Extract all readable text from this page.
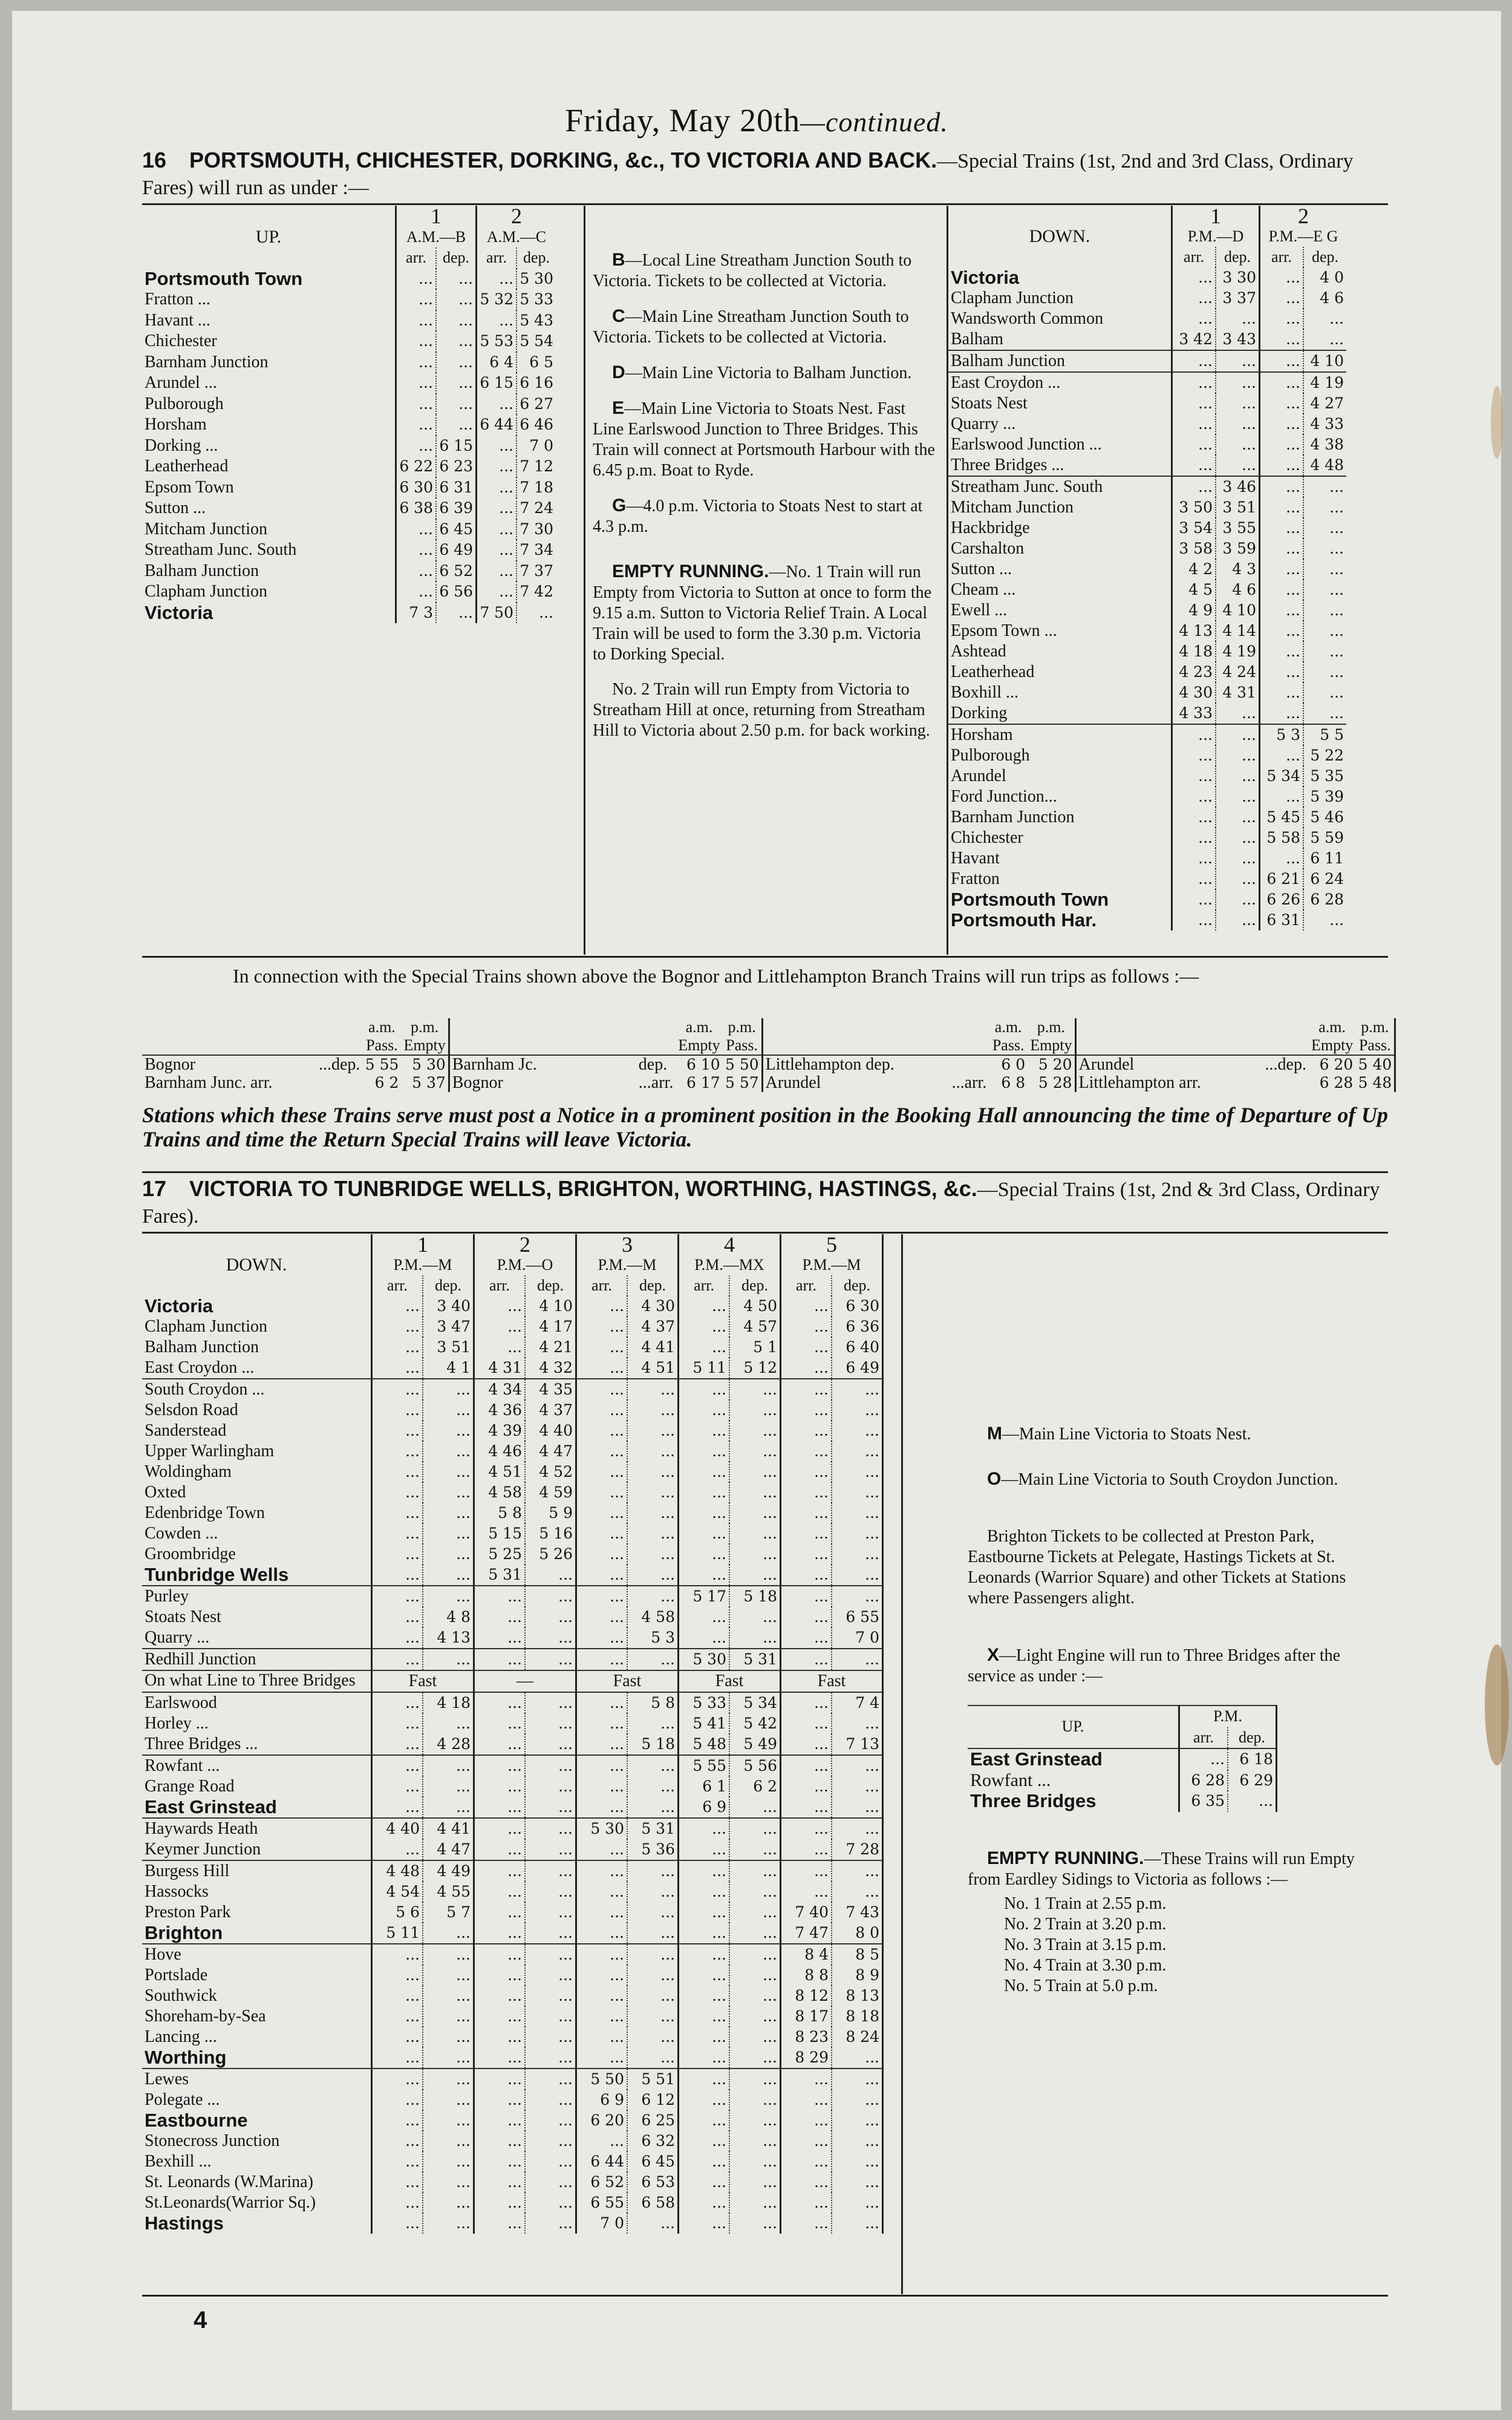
Friday, May 20th—continued.
16 PORTSMOUTH, CHICHESTER, DORKING, &c., TO VICTORIA AND BACK.—Special Trains (1st, 2nd and 3rd Class, Ordinary Fares) will run as under :—
	1		2	
UP.	A.M.—B		A.M.—C	
	arr.	dep.	arr.	dep.
Portsmouth Town	...	...	...	5 30
Fratton ...	...	...	5 32	5 33
Havant ...	...	...	...	5 43
Chichester	...	...	5 53	5 54
Barnham Junction	...	...	6 4	6 5
Arundel ...	...	...	6 15	6 16
Pulborough	...	...	...	6 27
Horsham	...	...	6 44	6 46
Dorking ...	...	6 15	...	7 0
Leatherhead	6 22	6 23	...	7 12
Epsom Town	6 30	6 31	...	7 18
Sutton ...	6 38	6 39	...	7 24
Mitcham Junction	...	6 45	...	7 30
Streatham Junc. South	...	6 49	...	7 34
Balham Junction	...	6 52	...	7 37
Clapham Junction	...	6 56	...	7 42
Victoria	7 3	...	7 50	...

B—Local Line Streatham Junction South to Victoria. Tickets to be collected at Victoria.

C—Main Line Streatham Junction South to Victoria. Tickets to be collected at Victoria.

D—Main Line Victoria to Balham Junction.

E—Main Line Victoria to Stoats Nest. Fast Line Earlswood Junction to Three Bridges. This Train will connect at Portsmouth Harbour with the 6.45 p.m. Boat to Ryde.

G—4.0 p.m. Victoria to Stoats Nest to start at 4.3 p.m.

EMPTY RUNNING.—No. 1 Train will run Empty from Victoria to Sutton at once to form the 9.15 a.m. Sutton to Victoria Relief Train. A Local Train will be used to form the 3.30 p.m. Victoria to Dorking Special.

No. 2 Train will run Empty from Victoria to Streatham Hill at once, returning from Streatham Hill to Victoria about 2.50 p.m. for back working.

	1		2	
DOWN.	P.M.—D		P.M.—E G	
	arr.	dep.	arr.	dep.
Victoria	...	3 30	...	4 0
Clapham Junction	...	3 37	...	4 6
Wandsworth Common	...	...	...	...
Balham	3 42	3 43	...	...
Balham Junction	...	...	...	4 10
East Croydon ...	...	...	...	4 19
Stoats Nest	...	...	...	4 27
Quarry ...	...	...	...	4 33
Earlswood Junction ...	...	...	...	4 38
Three Bridges ...	...	...	...	4 48
Streatham Junc. South	...	3 46	...	...
Mitcham Junction	3 50	3 51	...	...
Hackbridge	3 54	3 55	...	...
Carshalton	3 58	3 59	...	...
Sutton ...	4 2	4 3	...	...
Cheam ...	4 5	4 6	...	...
Ewell ...	4 9	4 10	...	...
Epsom Town ...	4 13	4 14	...	...
Ashtead	4 18	4 19	...	...
Leatherhead	4 23	4 24	...	...
Boxhill ...	4 30	4 31	...	...
Dorking	4 33	...	...	...
Horsham	...	...	5 3	5 5
Pulborough	...	...	...	5 22
Arundel	...	...	5 34	5 35
Ford Junction...	...	...	...	5 39
Barnham Junction	...	...	5 45	5 46
Chichester	...	...	5 58	5 59
Havant	...	...	...	6 11
Fratton	...	...	6 21	6 24
Portsmouth Town	...	...	6 26	6 28
Portsmouth Har.	...	...	6 31	...
In connection with the Special Trains shown above the Bognor and Littlehampton Branch Trains will run trips as follows :—
		a.m.	p.m.			a.m.	p.m.			a.m.	p.m.			a.m.	p.m.
		Pass.	Empty			Empty	Pass.			Pass.	Empty			Empty	Pass.
Bognor	...dep.	5 55	5 30	Barnham Jc.	dep.	6 10	5 50	Littlehampton dep.		6 0	5 20	Arundel	...dep.	6 20	5 40
Barnham Junc. arr.		6 2	5 37	Bognor	...arr.	6 17	5 57	Arundel	...arr.	6 8	5 28	Littlehampton arr.		6 28	5 48
Stations which these Trains serve must post a Notice in a prominent position in the Booking Hall announcing the time of Departure of Up Trains and time the Return Special Trains will leave Victoria.
17 VICTORIA TO TUNBRIDGE WELLS, BRIGHTON, WORTHING, HASTINGS, &c.—Special Trains (1st, 2nd & 3rd Class, Ordinary Fares).
	1		2		3		4		5	
DOWN.	P.M.—M		P.M.—O		P.M.—M		P.M.—MX		P.M.—M	
	arr.	dep.	arr.	dep.	arr.	dep.	arr.	dep.	arr.	dep.
Victoria	...	3 40	...	4 10	...	4 30	...	4 50	...	6 30
Clapham Junction	...	3 47	...	4 17	...	4 37	...	4 57	...	6 36
Balham Junction	...	3 51	...	4 21	...	4 41	...	5 1	...	6 40
East Croydon ...	...	4 1	4 31	4 32	...	4 51	5 11	5 12	...	6 49
South Croydon ...	...	...	4 34	4 35	...	...	...	...	...	...
Selsdon Road	...	...	4 36	4 37	...	...	...	...	...	...
Sanderstead	...	...	4 39	4 40	...	...	...	...	...	...
Upper Warlingham	...	...	4 46	4 47	...	...	...	...	...	...
Woldingham	...	...	4 51	4 52	...	...	...	...	...	...
Oxted	...	...	4 58	4 59	...	...	...	...	...	...
Edenbridge Town	...	...	5 8	5 9	...	...	...	...	...	...
Cowden ...	...	...	5 15	5 16	...	...	...	...	...	...
Groombridge	...	...	5 25	5 26	...	...	...	...	...	...
Tunbridge Wells	...	...	5 31	...	...	...	...	...	...	...
Purley	...	...	...	...	...	...	5 17	5 18	...	...
Stoats Nest	...	4 8	...	...	...	4 58	...	...	...	6 55
Quarry ...	...	4 13	...	...	...	5 3	...	...	...	7 0
Redhill Junction	...	...	...	...	...	...	5 30	5 31	...	...
On what Line to Three Bridges	Fast		—		Fast		Fast		Fast	
Earlswood	...	4 18	...	...	...	5 8	5 33	5 34	...	7 4
Horley ...	...	...	...	...	...	...	5 41	5 42	...	...
Three Bridges ...	...	4 28	...	...	...	5 18	5 48	5 49	...	7 13
Rowfant ...	...	...	...	...	...	...	5 55	5 56	...	...
Grange Road	...	...	...	...	...	...	6 1	6 2	...	...
East Grinstead	...	...	...	...	...	...	6 9	...	...	...
Haywards Heath	4 40	4 41	...	...	5 30	5 31	...	...	...	...
Keymer Junction	...	4 47	...	...	...	5 36	...	...	...	7 28
Burgess Hill	4 48	4 49	...	...	...	...	...	...	...	...
Hassocks	4 54	4 55	...	...	...	...	...	...	...	...
Preston Park	5 6	5 7	...	...	...	...	...	...	7 40	7 43
Brighton	5 11	...	...	...	...	...	...	...	7 47	8 0
Hove	...	...	...	...	...	...	...	...	8 4	8 5
Portslade	...	...	...	...	...	...	...	...	8 8	8 9
Southwick	...	...	...	...	...	...	...	...	8 12	8 13
Shoreham-by-Sea	...	...	...	...	...	...	...	...	8 17	8 18
Lancing ...	...	...	...	...	...	...	...	...	8 23	8 24
Worthing	...	...	...	...	...	...	...	...	8 29	...
Lewes	...	...	...	...	5 50	5 51	...	...	...	...
Polegate ...	...	...	...	...	6 9	6 12	...	...	...	...
Eastbourne	...	...	...	...	6 20	6 25	...	...	...	...
Stonecross Junction	...	...	...	...	...	6 32	...	...	...	...
Bexhill ...	...	...	...	...	6 44	6 45	...	...	...	...
St. Leonards (W.Marina)	...	...	...	...	6 52	6 53	...	...	...	...
St.Leonards(Warrior Sq.)	...	...	...	...	6 55	6 58	...	...	...	...
Hastings	...	...	...	...	7 0	...	...	...	...	...

M—Main Line Victoria to Stoats Nest.

O—Main Line Victoria to South Croydon Junction.

Brighton Tickets to be collected at Preston Park, Eastbourne Tickets at Pelegate, Hastings Tickets at St. Leonards (Warrior Square) and other Tickets at Stations where Passengers alight.

X—Light Engine will run to Three Bridges after the service as under :—

UP.	P.M.	
	arr.	dep.
East Grinstead	...	6 18
Rowfant ...	6 28	6 29
Three Bridges	6 35	...

EMPTY RUNNING.—These Trains will run Empty from Eardley Sidings to Victoria as follows :—

No. 1 Train at 2.55 p.m.
No. 2 Train at 3.20 p.m.
No. 3 Train at 3.15 p.m.
No. 4 Train at 3.30 p.m.
No. 5 Train at 5.0 p.m.
4
